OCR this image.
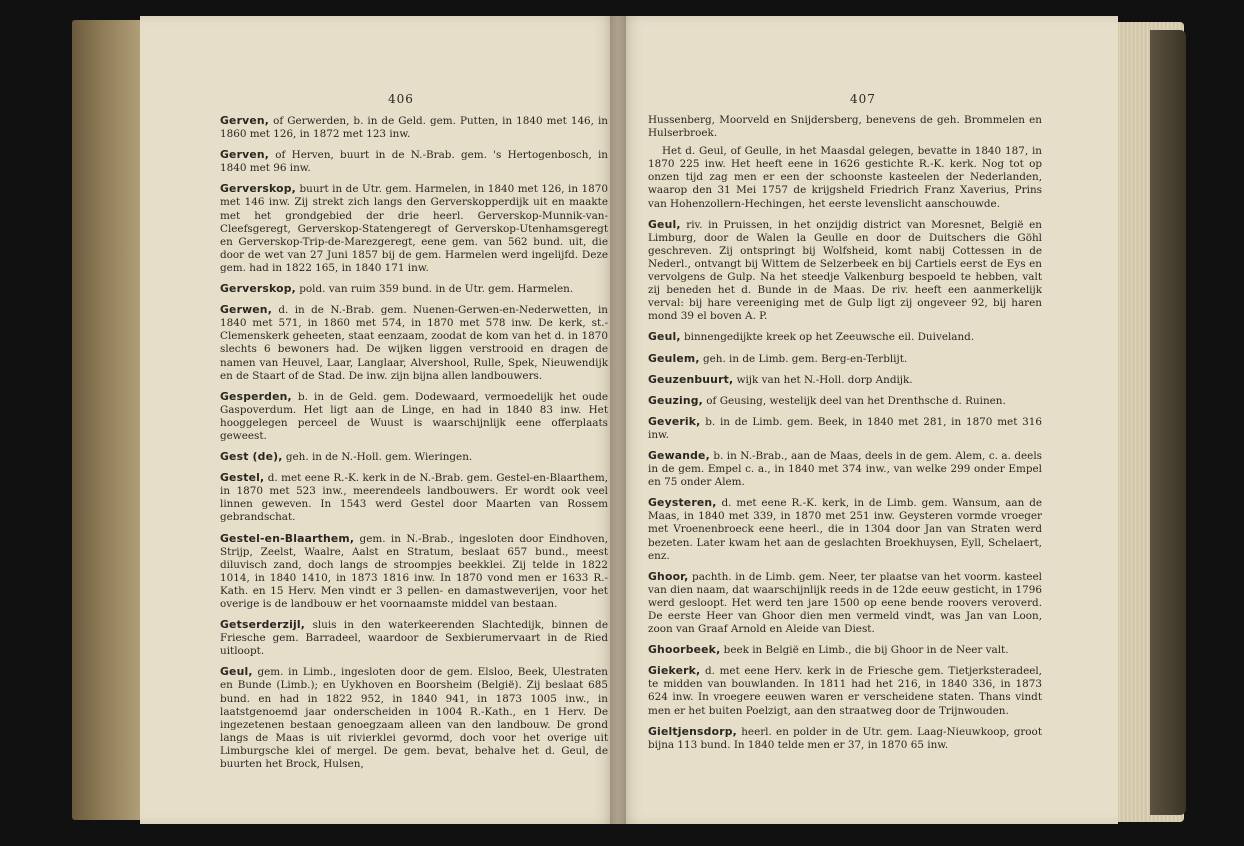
406

Gerven, of Gerwerden, b. in de Geld. gem. Putten, in 1840 met 146, in 1860 met 126, in 1872 met 123 inw.

Gerven, of Herven, buurt in de N.-Brab. gem. 's Hertogenbosch, in 1840 met 96 inw.

Gerverskop, buurt in de Utr. gem. Harmelen, in 1840 met 126, in 1870 met 146 inw. Zij strekt zich langs den Gerverskopperdijk uit en maakte met het grondgebied der drie heerl. Gerverskop-Munnik-van-Cleefsgeregt, Gerverskop-Statengeregt of Gerverskop-Utenhamsgeregt en Gerverskop-Trip-de-Marezgeregt, eene gem. van 562 bund. uit, die door de wet van 27 Juni 1857 bij de gem. Harmelen werd ingelijfd. Deze gem. had in 1822 165, in 1840 171 inw.

Gerverskop, pold. van ruim 359 bund. in de Utr. gem. Harmelen.

Gerwen, d. in de N.-Brab. gem. Nuenen-Gerwen-en-Nederwetten, in 1840 met 571, in 1860 met 574, in 1870 met 578 inw. De kerk, st.-Clemenskerk geheeten, staat eenzaam, zoodat de kom van het d. in 1870 slechts 6 bewoners had. De wijken liggen verstrooid en dragen de namen van Heuvel, Laar, Langlaar, Alvershool, Rulle, Spek, Nieuwendijk en de Staart of de Stad. De inw. zijn bijna allen landbouwers.

Gesperden, b. in de Geld. gem. Dodewaard, vermoedelijk het oude Gaspoverdum. Het ligt aan de Linge, en had in 1840 83 inw. Het hooggelegen perceel de Wuust is waarschijnlijk eene offerplaats geweest.

Gest (de), geh. in de N.-Holl. gem. Wieringen.

Gestel, d. met eene R.-K. kerk in de N.-Brab. gem. Gestel-en-Blaarthem, in 1870 met 523 inw., meerendeels landbouwers. Er wordt ook veel linnen geweven. In 1543 werd Gestel door Maarten van Rossem gebrandschat.

Gestel-en-Blaarthem, gem. in N.-Brab., ingesloten door Eindhoven, Strijp, Zeelst, Waalre, Aalst en Stratum, beslaat 657 bund., meest diluvisch zand, doch langs de stroompjes beekklei. Zij telde in 1822 1014, in 1840 1410, in 1873 1816 inw. In 1870 vond men er 1633 R.-Kath. en 15 Herv. Men vindt er 3 pellen- en damastweverijen, voor het overige is de landbouw er het voornaamste middel van bestaan.

Getserderzijl, sluis in den waterkeerenden Slachtedijk, binnen de Friesche gem. Barradeel, waardoor de Sexbierumervaart in de Ried uitloopt.

Geul, gem. in Limb., ingesloten door de gem. Elsloo, Beek, Ulestraten en Bunde (Limb.); en Uykhoven en Boorsheim (België). Zij beslaat 685 bund. en had in 1822 952, in 1840 941, in 1873 1005 inw., in laatstgenoemd jaar onderscheiden in 1004 R.-Kath., en 1 Herv. De ingezetenen bestaan genoegzaam alleen van den landbouw. De grond langs de Maas is uit rivierklei gevormd, doch voor het overige uit Limburgsche klei of mergel. De gem. bevat, behalve het d. Geul, de buurten het Brock, Hulsen,

407

Hussenberg, Moorveld en Snijdersberg, benevens de geh. Brommelen en Hulserbroek.

Het d. Geul, of Geulle, in het Maasdal gelegen, bevatte in 1840 187, in 1870 225 inw. Het heeft eene in 1626 gestichte R.-K. kerk. Nog tot op onzen tijd zag men er een der schoonste kasteelen der Nederlanden, waarop den 31 Mei 1757 de krijgsheld Friedrich Franz Xaverius, Prins van Hohenzollern-Hechingen, het eerste levenslicht aanschouwde.

Geul, riv. in Pruissen, in het onzijdig district van Moresnet, België en Limburg, door de Walen la Geulle en door de Duitschers die Göhl geschreven. Zij ontspringt bij Wolfsheid, komt nabij Cottessen in de Nederl., ontvangt bij Wittem de Selzerbeek en bij Cartiels eerst de Eys en vervolgens de Gulp. Na het steedje Valkenburg bespoeld te hebben, valt zij beneden het d. Bunde in de Maas. De riv. heeft een aanmerkelijk verval: bij hare vereeniging met de Gulp ligt zij ongeveer 92, bij haren mond 39 el boven A. P.

Geul, binnengedijkte kreek op het Zeeuwsche eil. Duiveland.

Geulem, geh. in de Limb. gem. Berg-en-Terblijt.

Geuzenbuurt, wijk van het N.-Holl. dorp Andijk.

Geuzing, of Geusing, westelijk deel van het Drenthsche d. Ruinen.

Geverik, b. in de Limb. gem. Beek, in 1840 met 281, in 1870 met 316 inw.

Gewande, b. in N.-Brab., aan de Maas, deels in de gem. Alem, c. a. deels in de gem. Empel c. a., in 1840 met 374 inw., van welke 299 onder Empel en 75 onder Alem.

Geysteren, d. met eene R.-K. kerk, in de Limb. gem. Wansum, aan de Maas, in 1840 met 339, in 1870 met 251 inw. Geysteren vormde vroeger met Vroenenbroeck eene heerl., die in 1304 door Jan van Straten werd bezeten. Later kwam het aan de geslachten Broekhuysen, Eyll, Schelaert, enz.

Ghoor, pachth. in de Limb. gem. Neer, ter plaatse van het voorm. kasteel van dien naam, dat waarschijnlijk reeds in de 12de eeuw gesticht, in 1796 werd gesloopt. Het werd ten jare 1500 op eene bende roovers veroverd. De eerste Heer van Ghoor dien men vermeld vindt, was Jan van Loon, zoon van Graaf Arnold en Aleide van Diest.

Ghoorbeek, beek in België en Limb., die bij Ghoor in de Neer valt.

Giekerk, d. met eene Herv. kerk in de Friesche gem. Tietjerksteradeel, te midden van bouwlanden. In 1811 had het 216, in 1840 336, in 1873 624 inw. In vroegere eeuwen waren er verscheidene staten. Thans vindt men er het buiten Poelzigt, aan den straatweg door de Trijnwouden.

Gieltjensdorp, heerl. en polder in de Utr. gem. Laag-Nieuwkoop, groot bijna 113 bund. In 1840 telde men er 37, in 1870 65 inw.
